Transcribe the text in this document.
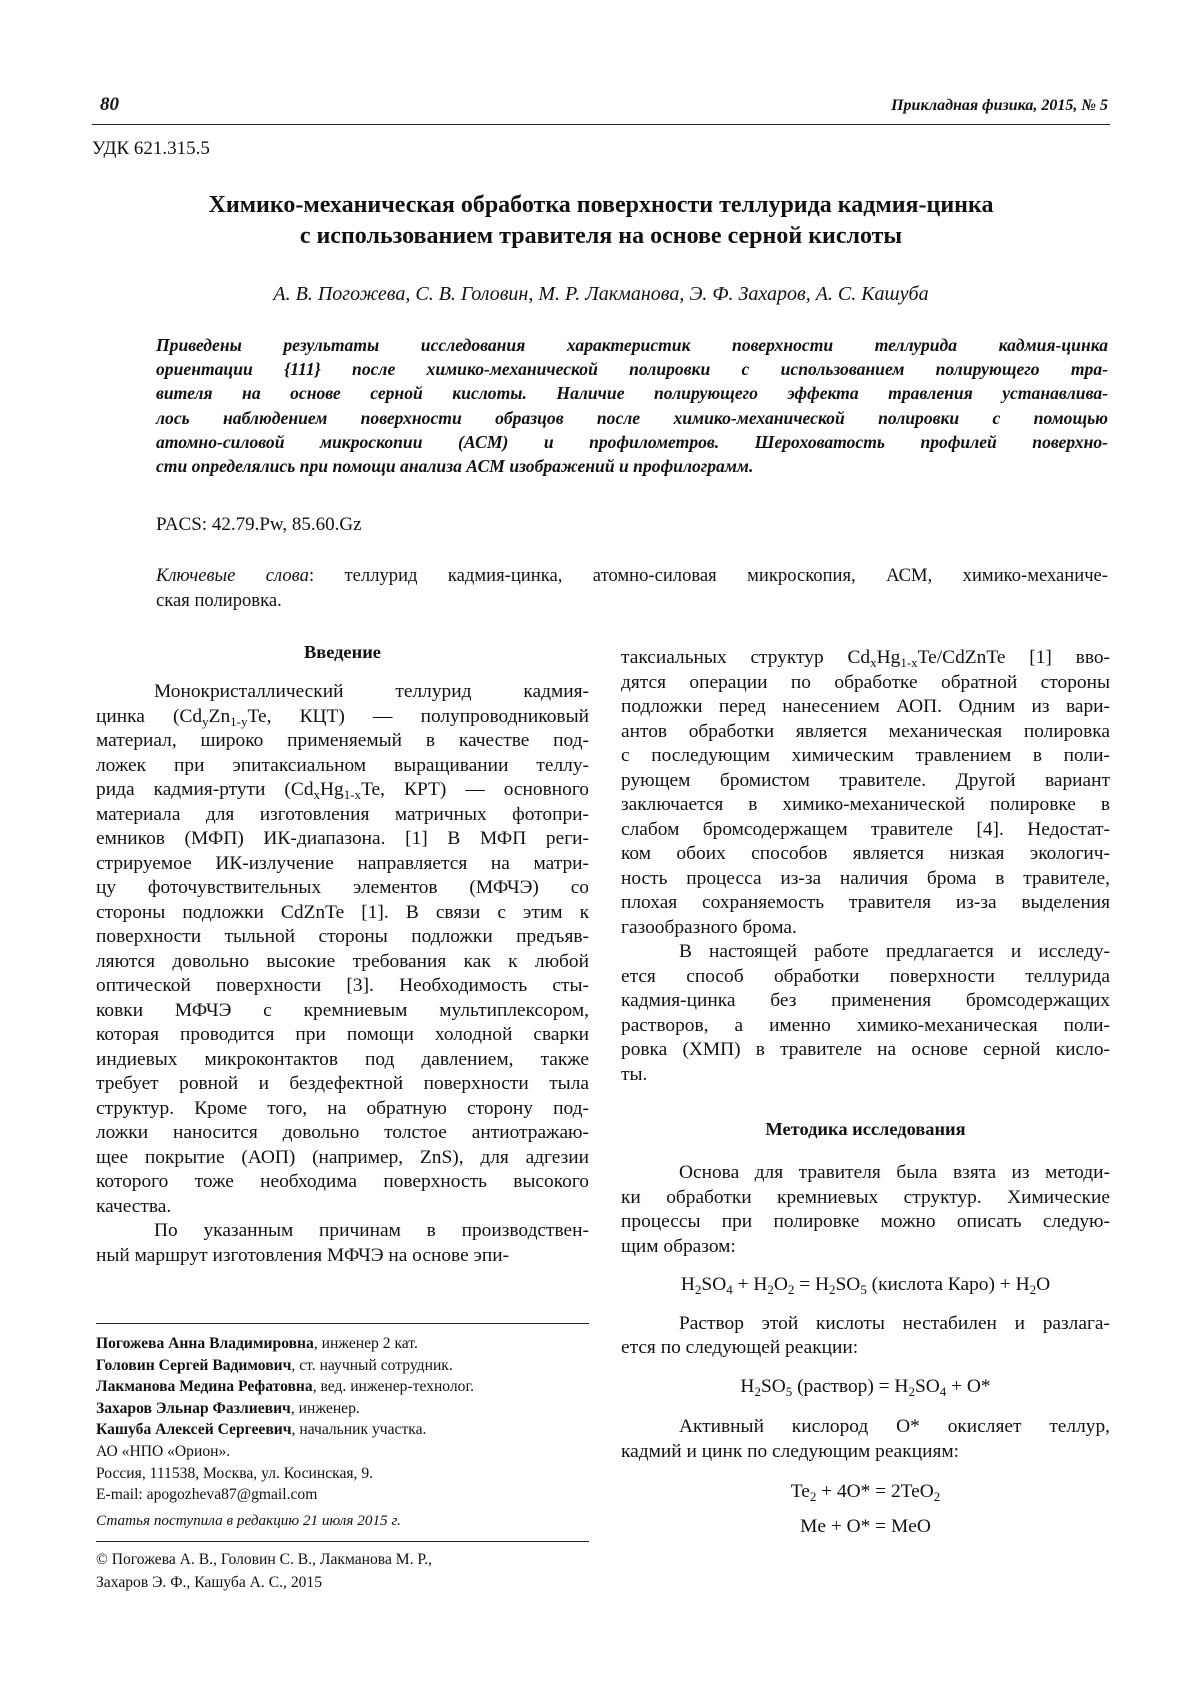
80	Прикладная физика, 2015, № 5
УДК 621.315.5
Химико-механическая обработка поверхности теллурида кадмия-цинка
с использованием травителя на основе серной кислоты
А. В. Погожева, С. В. Головин, М. Р. Лакманова, Э. Ф. Захаров, А. С. Кашуба
Приведены результаты исследования характеристик поверхности теллурида кадмия-цинка
ориентации {111} после химико-механической полировки с использованием полирующего тра-
вителя на основе серной кислоты. Наличие полирующего эффекта травления устанавлива-
лось наблюдением поверхности образцов после химико-механической полировки с помощью
атомно-силовой микроскопии (АСМ) и профилометров. Шероховатость профилей поверхно-
сти определялись при помощи анализа АСМ изображений и профилограмм.
PACS: 42.79.Pw, 85.60.Gz
Ключевые слова: теллурид кадмия-цинка, атомно-силовая микроскопия, АСМ, химико-механиче-
ская полировка.
Введение
Монокристаллический теллурид кадмия-
цинка ($Cd_yZn_{1-y}Te$, КЦТ) — полупроводниковый
материал, широко применяемый в качестве под-
ложек при эпитаксиальном выращивании теллу-
рида кадмия-ртути ($Cd_xHg_{1-x}Te$, КРТ) — основного
материала для изготовления матричных фотопри-
емников (МФП) ИК-диапазона. [1] В МФП реги-
стрируемое ИК-излучение направляется на матри-
цу фоточувствительных элементов (МФЧЭ) со
стороны подложки CdZnTe [1]. В связи с этим к
поверхности тыльной стороны подложки предъяв-
ляются довольно высокие требования как к любой
оптической поверхности [3]. Необходимость сты-
ковки МФЧЭ с кремниевым мультиплексором,
которая проводится при помощи холодной сварки
индиевых микроконтактов под давлением, также
требует ровной и бездефектной поверхности тыла
структур. Кроме того, на обратную сторону под-
ложки наносится довольно толстое антиотражаю-
щее покрытие (АОП) (например, ZnS), для адгезии
которого тоже необходима поверхность высокого
качества.
По указанным причинам в производствен-
ный маршрут изготовления МФЧЭ на основе эпи-
таксиальных структур $Cd_xHg_{1-x}Te$/CdZnTe [1] вво-
дятся операции по обработке обратной стороны
подложки перед нанесением АОП. Одним из вари-
антов обработки является механическая полировка
с последующим химическим травлением в поли-
рующем бромистом травителе. Другой вариант
заключается в химико-механической полировке в
слабом бромсодержащем травителе [4]. Недостат-
ком обоих способов является низкая экологич-
ность процесса из-за наличия брома в травителе,
плохая сохраняемость травителя из-за выделения
газообразного брома.
В настоящей работе предлагается и исследу-
ется способ обработки поверхности теллурида
кадмия-цинка без применения бромсодержащих
растворов, а именно химико-механическая поли-
ровка (ХМП) в травителе на основе серной кисло-
ты.
Методика исследования
Основа для травителя была взята из методи-
ки обработки кремниевых структур. Химические
процессы при полировке можно описать следую-
щим образом:
$H_2SO_4 + H_2O_2 = H_2SO_5$ (кислота Каро) + $H_2O$
Раствор этой кислоты нестабилен и разлага-
ется по следующей реакции:
$H_2SO_5$ (раствор) = $H_2SO_4 + O*$
Активный кислород O* окисляет теллур,
кадмий и цинк по следующим реакциям:
$Te_2 + 4O* = 2TeO_2$
Me + O* = MeO
Погожева Анна Владимировна, инженер 2 кат.
Головин Сергей Вадимович, ст. научный сотрудник.
Лакманова Медина Рефатовна, вед. инженер-технолог.
Захаров Эльнар Фазлиевич, инженер.
Кашуба Алексей Сергеевич, начальник участка.
АО «НПО «Орион».
Россия, 111538, Москва, ул. Косинская, 9.
E-mail: apogozheva87@gmail.com
Статья поступила в редакцию 21 июля 2015 г.
© Погожева А. В., Головин С. В., Лакманова М. Р.,
Захаров Э. Ф., Кашуба А. С., 2015
